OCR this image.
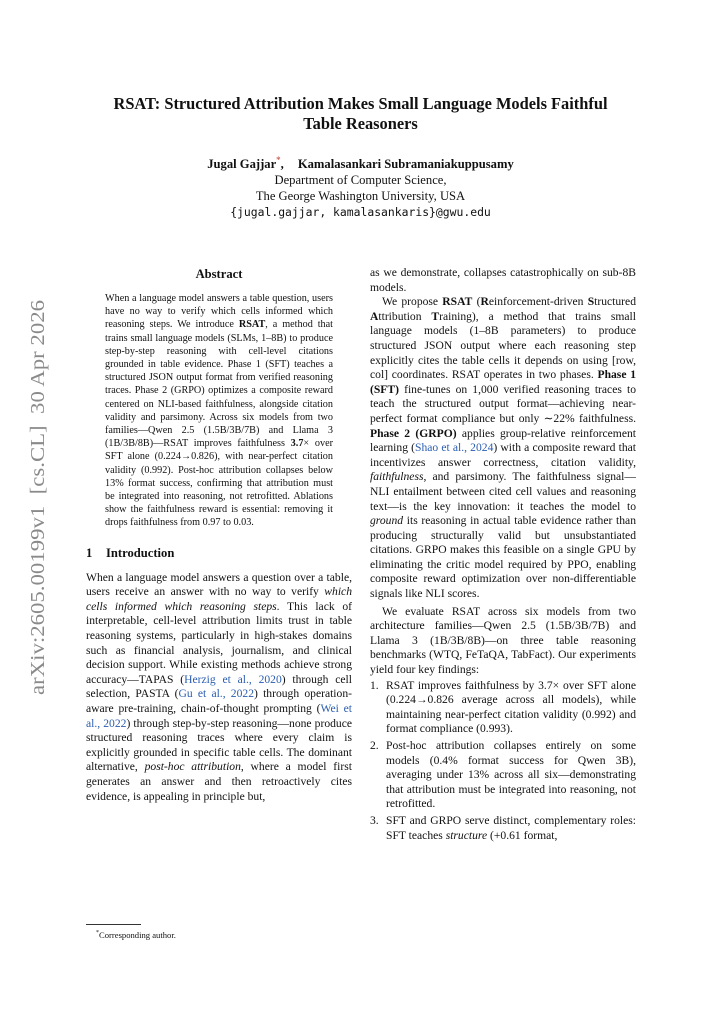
arXiv:2605.00199v1  [cs.CL]  30 Apr 2026
RSAT: Structured Attribution Makes Small Language Models Faithful
Table Reasoners
Jugal Gajjar*, Kamalasankari Subramaniakuppusamy
Department of Computer Science,
The George Washington University, USA
{jugal.gajjar, kamalasankaris}@gwu.edu
Abstract
When a language model answers a table question, users have no way to verify which cells informed which reasoning steps. We introduce RSAT, a method that trains small language models (SLMs, 1–8B) to produce step-by-step reasoning with cell-level citations grounded in table evidence. Phase 1 (SFT) teaches a structured JSON output format from verified reasoning traces. Phase 2 (GRPO) optimizes a composite reward centered on NLI-based faithfulness, alongside citation validity and parsimony. Across six models from two families—Qwen 2.5 (1.5B/3B/7B) and Llama 3 (1B/3B/8B)—RSAT improves faithfulness 3.7× over SFT alone (0.224→0.826), with near-perfect citation validity (0.992). Post-hoc attribution collapses below 13% format success, confirming that attribution must be integrated into reasoning, not retrofitted. Ablations show the faithfulness reward is essential: removing it drops faithfulness from 0.97 to 0.03.
1 Introduction
When a language model answers a question over a table, users receive an answer with no way to verify which cells informed which reasoning steps. This lack of interpretable, cell-level attribution limits trust in table reasoning systems, particularly in high-stakes domains such as financial analysis, journalism, and clinical decision support. While existing methods achieve strong accuracy—TAPAS (Herzig et al., 2020) through cell selection, PASTA (Gu et al., 2022) through operation-aware pre-training, chain-of-thought prompting (Wei et al., 2022) through step-by-step reasoning—none produce structured reasoning traces where every claim is explicitly grounded in specific table cells. The dominant alternative, post-hoc attribution, where a model first generates an answer and then retroactively cites evidence, is appealing in principle but,
as we demonstrate, collapses catastrophically on sub-8B models.
We propose RSAT (Reinforcement-driven Structured Attribution Training), a method that trains small language models (1–8B parameters) to produce structured JSON output where each reasoning step explicitly cites the table cells it depends on using [row, col] coordinates. RSAT operates in two phases. Phase 1 (SFT) fine-tunes on 1,000 verified reasoning traces to teach the structured output format—achieving near-perfect format compliance but only ∼22% faithfulness. Phase 2 (GRPO) applies group-relative reinforcement learning (Shao et al., 2024) with a composite reward that incentivizes answer correctness, citation validity, faithfulness, and parsimony. The faithfulness signal—NLI entailment between cited cell values and reasoning text—is the key innovation: it teaches the model to ground its reasoning in actual table evidence rather than producing structurally valid but unsubstantiated citations. GRPO makes this feasible on a single GPU by eliminating the critic model required by PPO, enabling composite reward optimization over non-differentiable signals like NLI scores.
We evaluate RSAT across six models from two architecture families—Qwen 2.5 (1.5B/3B/7B) and Llama 3 (1B/3B/8B)—on three table reasoning benchmarks (WTQ, FeTaQA, TabFact). Our experiments yield four key findings:
1. RSAT improves faithfulness by 3.7× over SFT alone (0.224→0.826 average across all models), while maintaining near-perfect citation validity (0.992) and format compliance (0.993).
2. Post-hoc attribution collapses entirely on some models (0.4% format success for Qwen 3B), averaging under 13% across all six—demonstrating that attribution must be integrated into reasoning, not retrofitted.
3. SFT and GRPO serve distinct, complementary roles: SFT teaches structure (+0.61 format,
*Corresponding author.
